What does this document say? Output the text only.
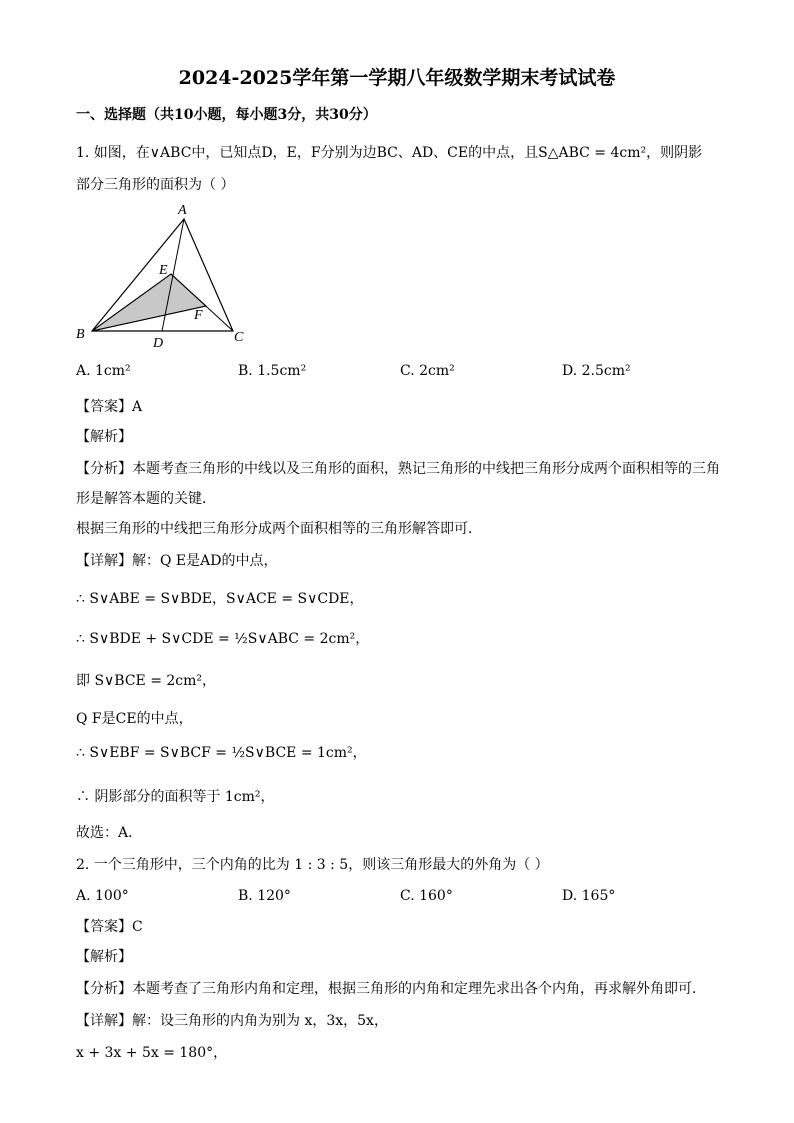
2024-2025学年第一学期八年级数学期末考试试卷
一、选择题（共10小题，每小题3分，共30分）
1. 如图，在∨ABC中，已知点D，E，F分别为边BC、AD、CE的中点，且S△ABC = 4cm²，则阴影
部分三角形的面积为（ ）
A
E
F
B
D	C
A. 1cm²	B. 1.5cm²	C. 2cm²	D. 2.5cm²
【答案】A
【解析】
【分析】本题考查三角形的中线以及三角形的面积，熟记三角形的中线把三角形分成两个面积相等的三角
形是解答本题的关键．
根据三角形的中线把三角形分成两个面积相等的三角形解答即可．
【详解】解：Q E是AD的中点，
∴ S∨ABE = S∨BDE，S∨ACE = S∨CDE，
∴ S∨BDE + S∨CDE = ½S∨ABC = 2cm²，
即 S∨BCE = 2cm²，
Q F是CE的中点，
∴ S∨EBF = S∨BCF = ½S∨BCE = 1cm²，
∴ 阴影部分的面积等于 1cm²，
故选：A．
2. 一个三角形中，三个内角的比为 1 : 3 : 5，则该三角形最大的外角为（ ）
A. 100°	B. 120°	C. 160°	D. 165°
【答案】C
【解析】
【分析】本题考查了三角形内角和定理，根据三角形的内角和定理先求出各个内角，再求解外角即可．
【详解】解：设三角形的内角为别为 x，3x，5x，
x + 3x + 5x = 180°，
